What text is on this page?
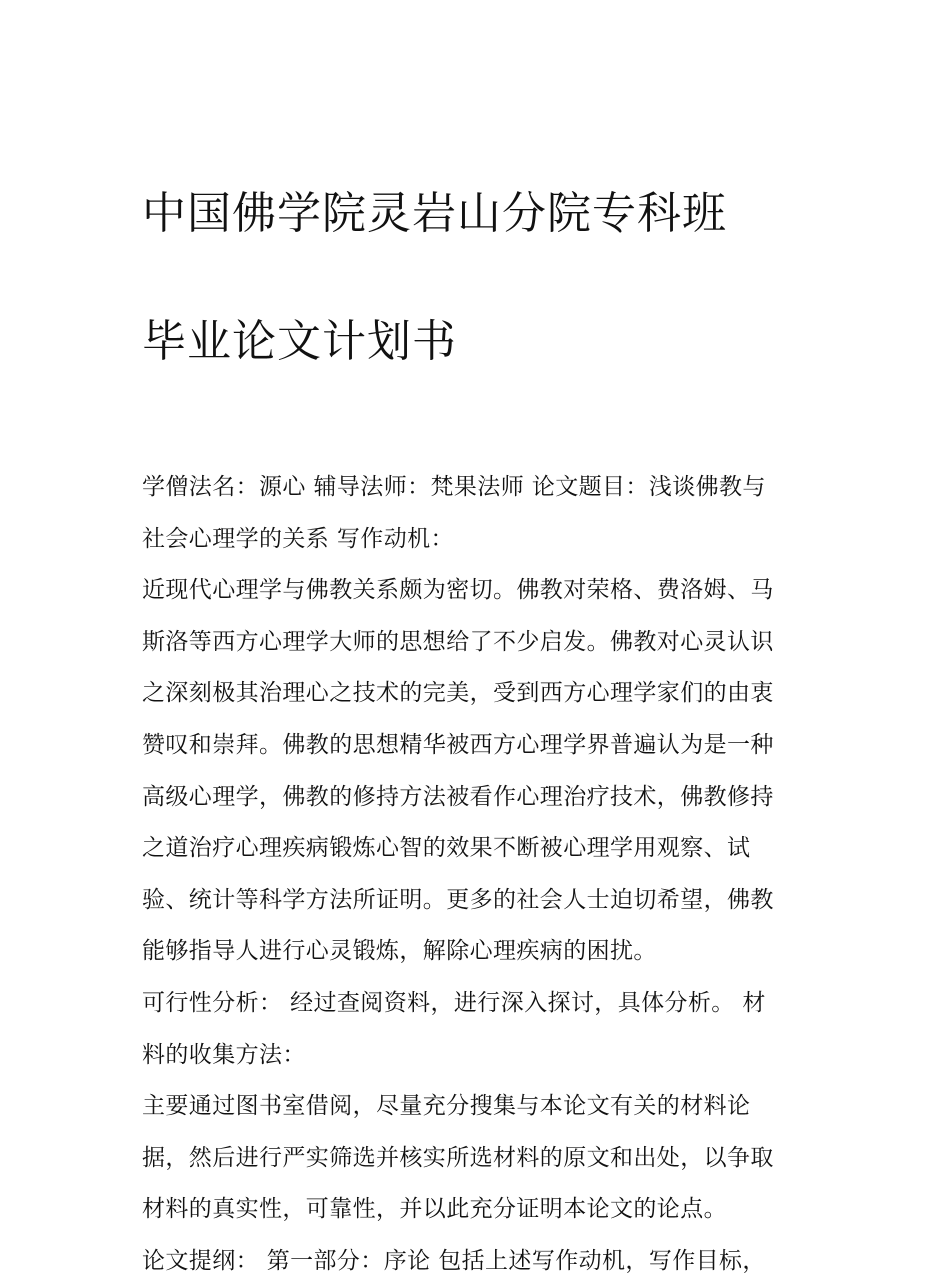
中国佛学院灵岩山分院专科班

毕业论文计划书

学僧法名：源心 辅导法师：梵果法师 论文题目：浅谈佛教与
社会心理学的关系 写作动机：
近现代心理学与佛教关系颇为密切。佛教对荣格、费洛姆、马
斯洛等西方心理学大师的思想给了不少启发。佛教对心灵认识
之深刻极其治理心之技术的完美，受到西方心理学家们的由衷
赞叹和崇拜。佛教的思想精华被西方心理学界普遍认为是一种
高级心理学，佛教的修持方法被看作心理治疗技术，佛教修持
之道治疗心理疾病锻炼心智的效果不断被心理学用观察、试
验、统计等科学方法所证明。更多的社会人士迫切希望，佛教
能够指导人进行心灵锻炼，解除心理疾病的困扰。
可行性分析： 经过查阅资料，进行深入探讨，具体分析。 材
料的收集方法：
主要通过图书室借阅，尽量充分搜集与本论文有关的材料论
据，然后进行严实筛选并核实所选材料的原文和出处，以争取
材料的真实性，可靠性，并以此充分证明本论文的论点。
论文提纲： 第一部分：序论 包括上述写作动机，写作目标，
